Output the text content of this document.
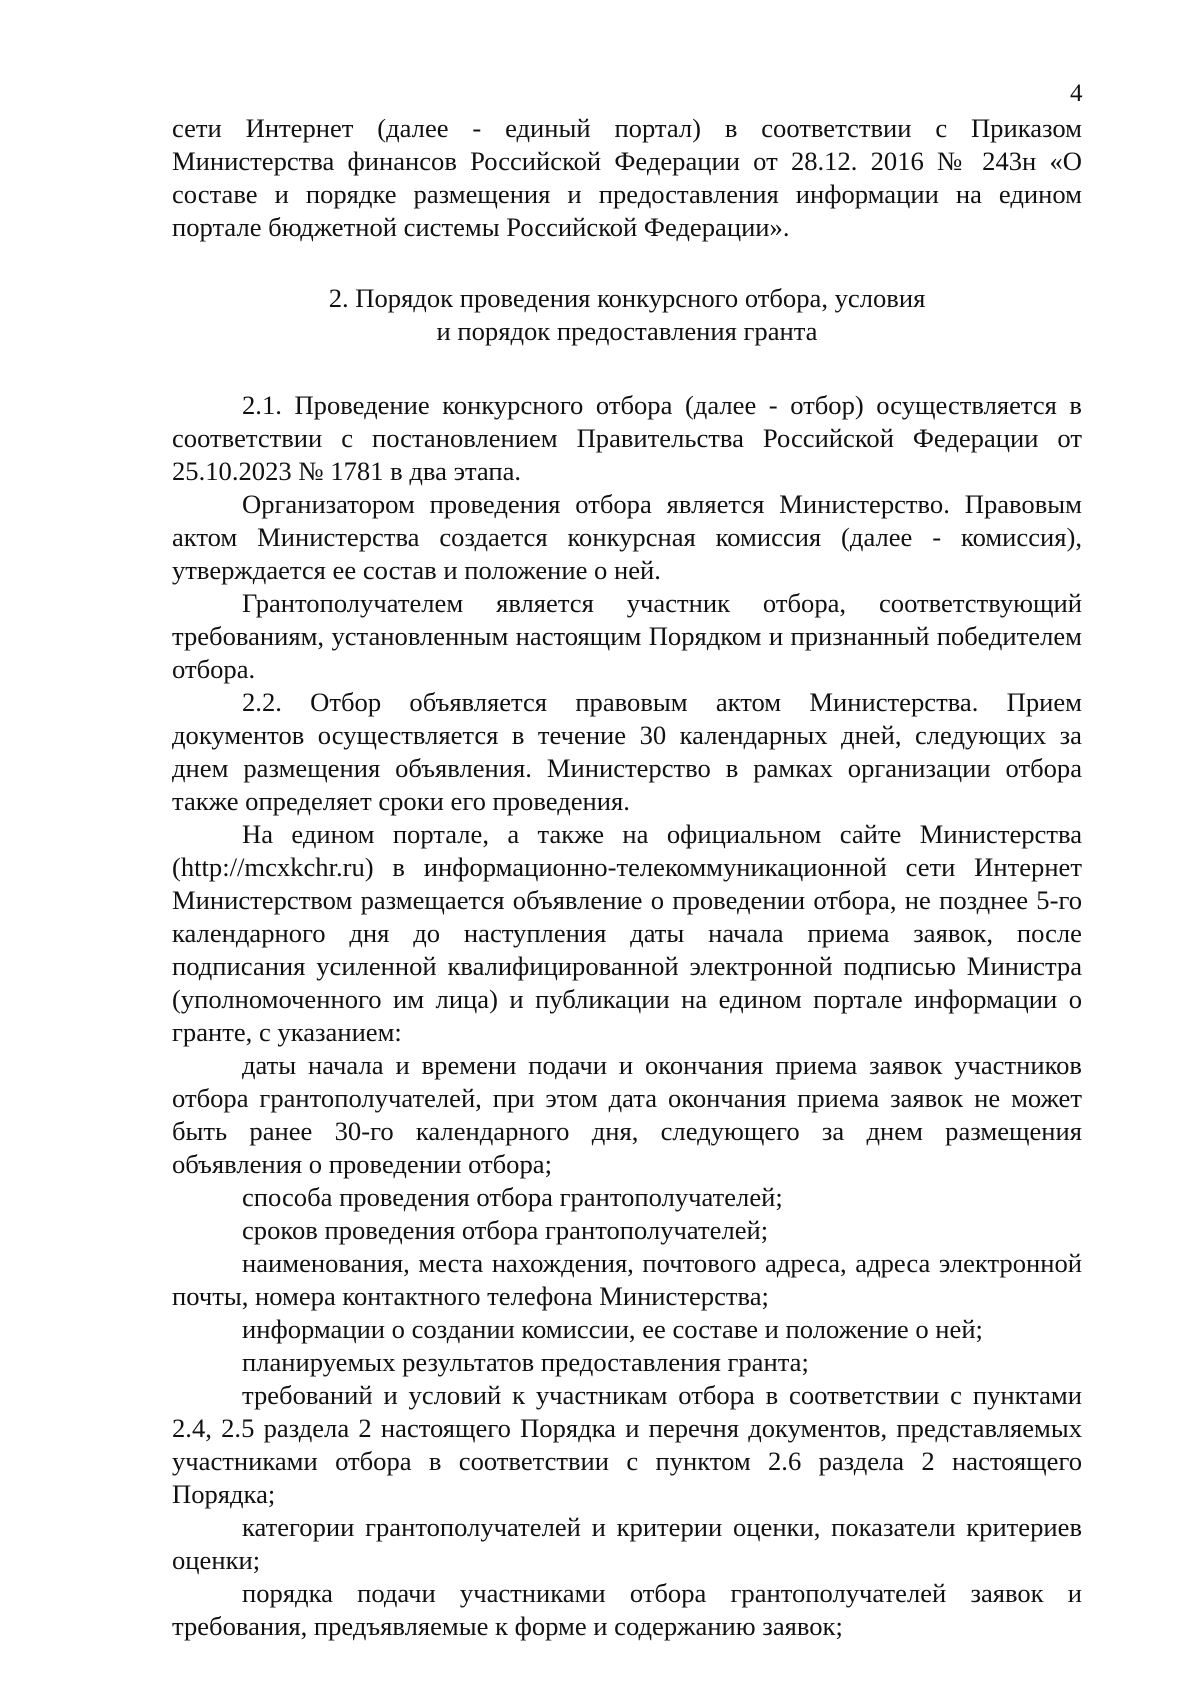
4

сети Интернет (далее - единый портал) в соответствии с Приказом Министерства финансов Российской Федерации от 28.12. 2016 № 243н «О составе и порядке размещения и предоставления информации на едином портале бюджетной системы Российской Федерации».

2. Порядок проведения конкурсного отбора, условия
и порядок предоставления гранта

2.1. Проведение конкурсного отбора (далее - отбор) осуществляется в соответствии с постановлением Правительства Российской Федерации от 25.10.2023 № 1781 в два этапа.

Организатором проведения отбора является Министерство. Правовым актом Министерства создается конкурсная комиссия (далее - комиссия), утверждается ее состав и положение о ней.

Грантополучателем является участник отбора, соответствующий требованиям, установленным настоящим Порядком и признанный победителем отбора.

2.2. Отбор объявляется правовым актом Министерства. Прием документов осуществляется в течение 30 календарных дней, следующих за днем размещения объявления. Министерство в рамках организации отбора также определяет сроки его проведения.

На едином портале, а также на официальном сайте Министерства (http://mcxkchr.ru) в информационно-телекоммуникационной сети Интернет Министерством размещается объявление о проведении отбора, не позднее 5-го календарного дня до наступления даты начала приема заявок, после подписания усиленной квалифицированной электронной подписью Министра (уполномоченного им лица) и публикации на едином портале информации о гранте, с указанием:

даты начала и времени подачи и окончания приема заявок участников отбора грантополучателей, при этом дата окончания приема заявок не может быть ранее 30-го календарного дня, следующего за днем размещения объявления о проведении отбора;

способа проведения отбора грантополучателей;

сроков проведения отбора грантополучателей;

наименования, места нахождения, почтового адреса, адреса электронной почты, номера контактного телефона Министерства;

информации о создании комиссии, ее составе и положение о ней;

планируемых результатов предоставления гранта;

требований и условий к участникам отбора в соответствии с пунктами 2.4, 2.5 раздела 2 настоящего Порядка и перечня документов, представляемых участниками отбора в соответствии с пунктом 2.6 раздела 2 настоящего Порядка;

категории грантополучателей и критерии оценки, показатели критериев оценки;

порядка подачи участниками отбора грантополучателей заявок и требования, предъявляемые к форме и содержанию заявок;
